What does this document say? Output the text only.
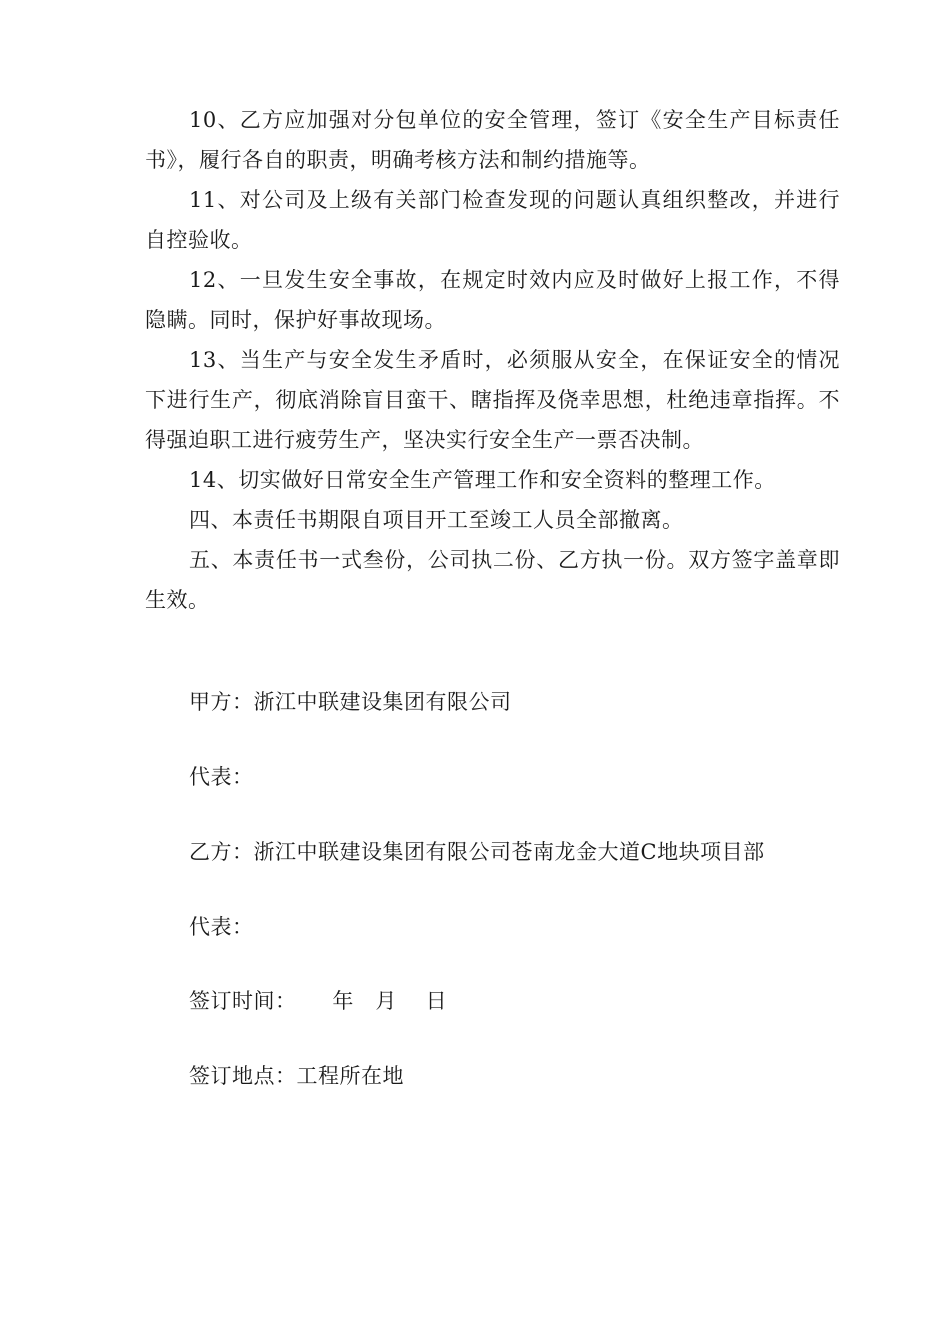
10、乙方应加强对分包单位的安全管理，签订《安全生产目标责任书》，履行各自的职责，明确考核方法和制约措施等。

11、对公司及上级有关部门检查发现的问题认真组织整改，并进行自控验收。

12、一旦发生安全事故，在规定时效内应及时做好上报工作，不得隐瞒。同时，保护好事故现场。

13、当生产与安全发生矛盾时，必须服从安全，在保证安全的情况下进行生产，彻底消除盲目蛮干、瞎指挥及侥幸思想，杜绝违章指挥。不得强迫职工进行疲劳生产，坚决实行安全生产一票否决制。

14、切实做好日常安全生产管理工作和安全资料的整理工作。

四、本责任书期限自项目开工至竣工人员全部撤离。

五、本责任书一式叁份，公司执二份、乙方执一份。双方签字盖章即生效。

甲方：浙江中联建设集团有限公司

代表：

乙方：浙江中联建设集团有限公司苍南龙金大道C地块项目部

代表：

签订时间：     年   月    日

签订地点：工程所在地
